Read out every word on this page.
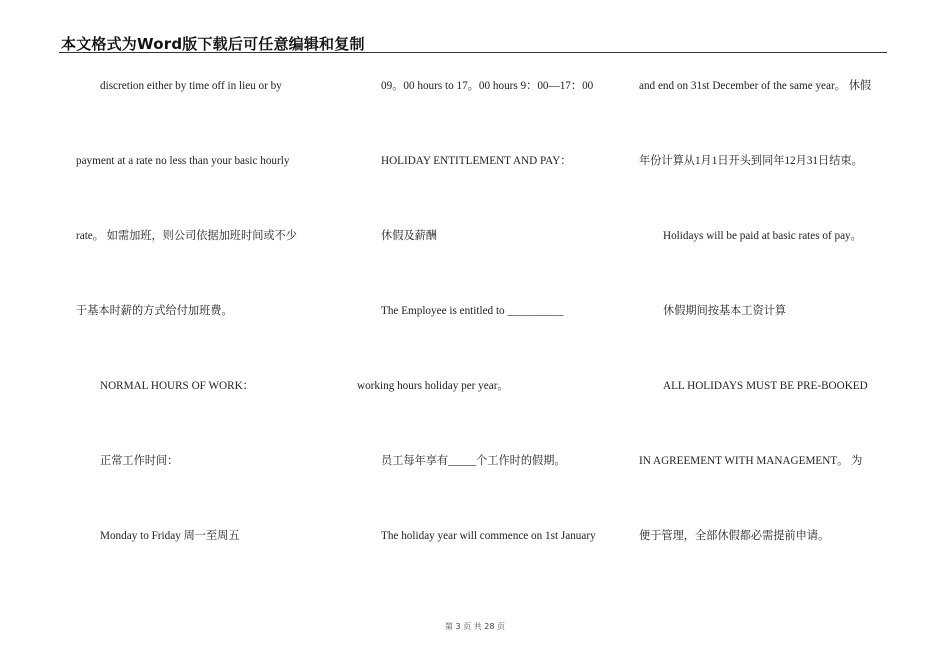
本文格式为Word版下载后可任意编辑和复制
discretion either by time off in lieu or by
payment at a rate no less than your basic hourly
rate。 如需加班，则公司依据加班时间或不少
于基本时薪的方式给付加班费。
NORMAL HOURS OF WORK：
正常工作时间：
Monday to Friday 周一至周五
09。00 hours to 17。00 hours 9：00—17：00
HOLIDAY ENTITLEMENT AND PAY：
休假及薪酬
The Employee is entitled to __________
working hours holiday per year。
员工每年享有_____个工作时的假期。
The holiday year will commence on 1st January
and end on 31st December of the same year。 休假
年份计算从1月1日开头到同年12月31日结束。
Holidays will be paid at basic rates of pay。
休假期间按基本工资计算
ALL HOLIDAYS MUST BE PRE-BOOKED
IN AGREEMENT WITH MANAGEMENT。 为
便于管理，全部休假都必需提前申请。
第 3 页 共 28 页
